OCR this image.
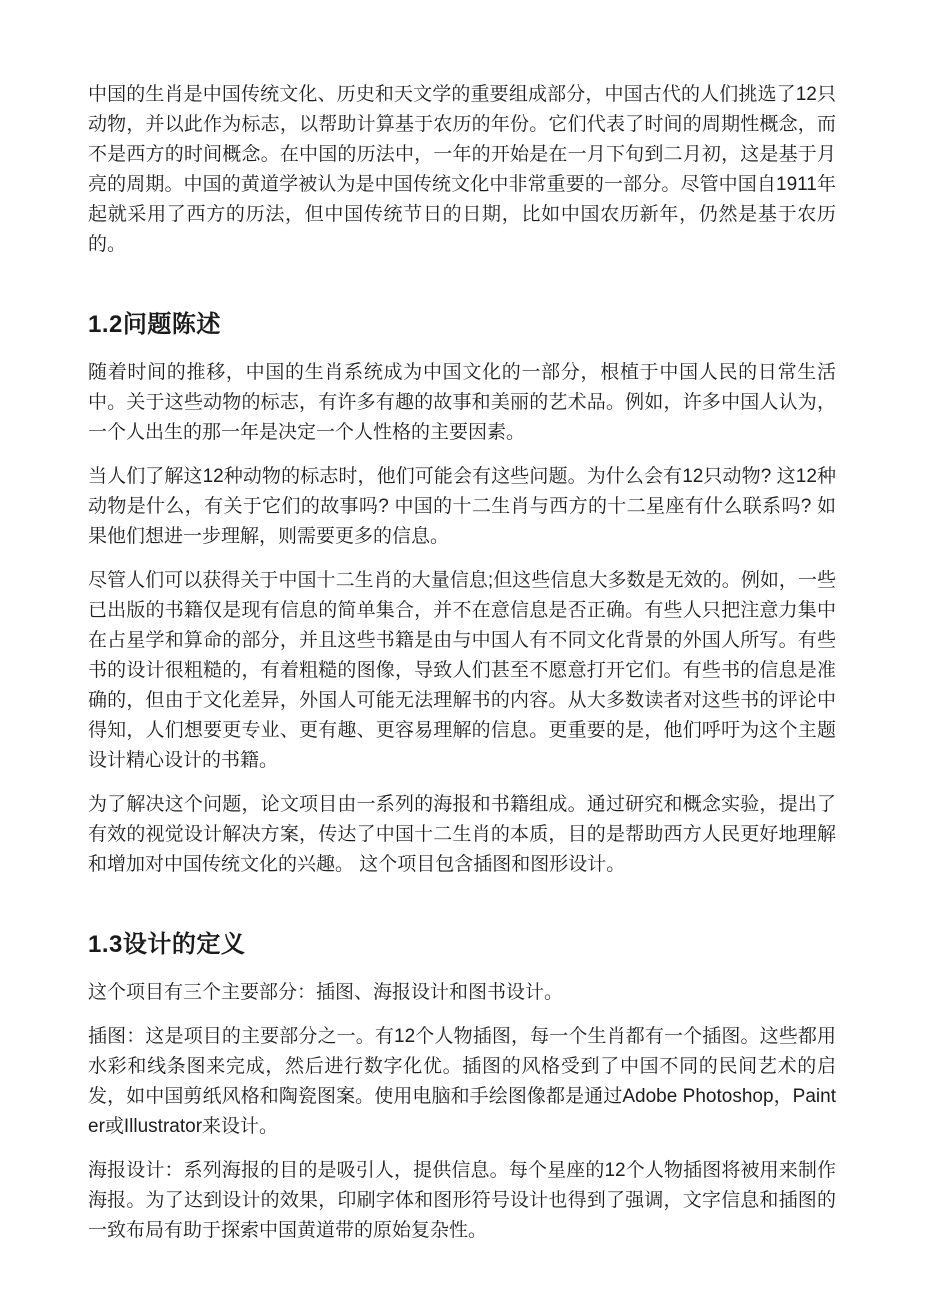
中国的生肖是中国传统文化、历史和天文学的重要组成部分，中国古代的人们挑选了12只动物，并以此作为标志，以帮助计算基于农历的年份。它们代表了时间的周期性概念，而不是西方的时间概念。在中国的历法中，一年的开始是在一月下旬到二月初，这是基于月亮的周期。中国的黄道学被认为是中国传统文化中非常重要的一部分。尽管中国自1911年起就采用了西方的历法，但中国传统节日的日期，比如中国农历新年，仍然是基于农历的。

1.2问题陈述

随着时间的推移，中国的生肖系统成为中国文化的一部分，根植于中国人民的日常生活中。关于这些动物的标志，有许多有趣的故事和美丽的艺术品。例如，许多中国人认为，一个人出生的那一年是决定一个人性格的主要因素。

当人们了解这12种动物的标志时，他们可能会有这些问题。为什么会有12只动物? 这12种动物是什么，有关于它们的故事吗? 中国的十二生肖与西方的十二星座有什么联系吗? 如果他们想进一步理解，则需要更多的信息。

尽管人们可以获得关于中国十二生肖的大量信息;但这些信息大多数是无效的。例如，一些已出版的书籍仅是现有信息的简单集合，并不在意信息是否正确。有些人只把注意力集中在占星学和算命的部分，并且这些书籍是由与中国人有不同文化背景的外国人所写。有些书的设计很粗糙的，有着粗糙的图像，导致人们甚至不愿意打开它们。有些书的信息是准确的，但由于文化差异，外国人可能无法理解书的内容。从大多数读者对这些书的评论中得知，人们想要更专业、更有趣、更容易理解的信息。更重要的是，他们呼吁为这个主题设计精心设计的书籍。

为了解决这个问题，论文项目由一系列的海报和书籍组成。通过研究和概念实验，提出了有效的视觉设计解决方案，传达了中国十二生肖的本质，目的是帮助西方人民更好地理解和增加对中国传统文化的兴趣。 这个项目包含插图和图形设计。

1.3设计的定义

这个项目有三个主要部分：插图、海报设计和图书设计。

插图：这是项目的主要部分之一。有12个人物插图，每一个生肖都有一个插图。这些都用水彩和线条图来完成，然后进行数字化优。插图的风格受到了中国不同的民间艺术的启发，如中国剪纸风格和陶瓷图案。使用电脑和手绘图像都是通过Adobe Photoshop，Painter或Illustrator来设计。

海报设计：系列海报的目的是吸引人，提供信息。每个星座的12个人物插图将被用来制作海报。为了达到设计的效果，印刷字体和图形符号设计也得到了强调，文字信息和插图的一致布局有助于探索中国黄道带的原始复杂性。
